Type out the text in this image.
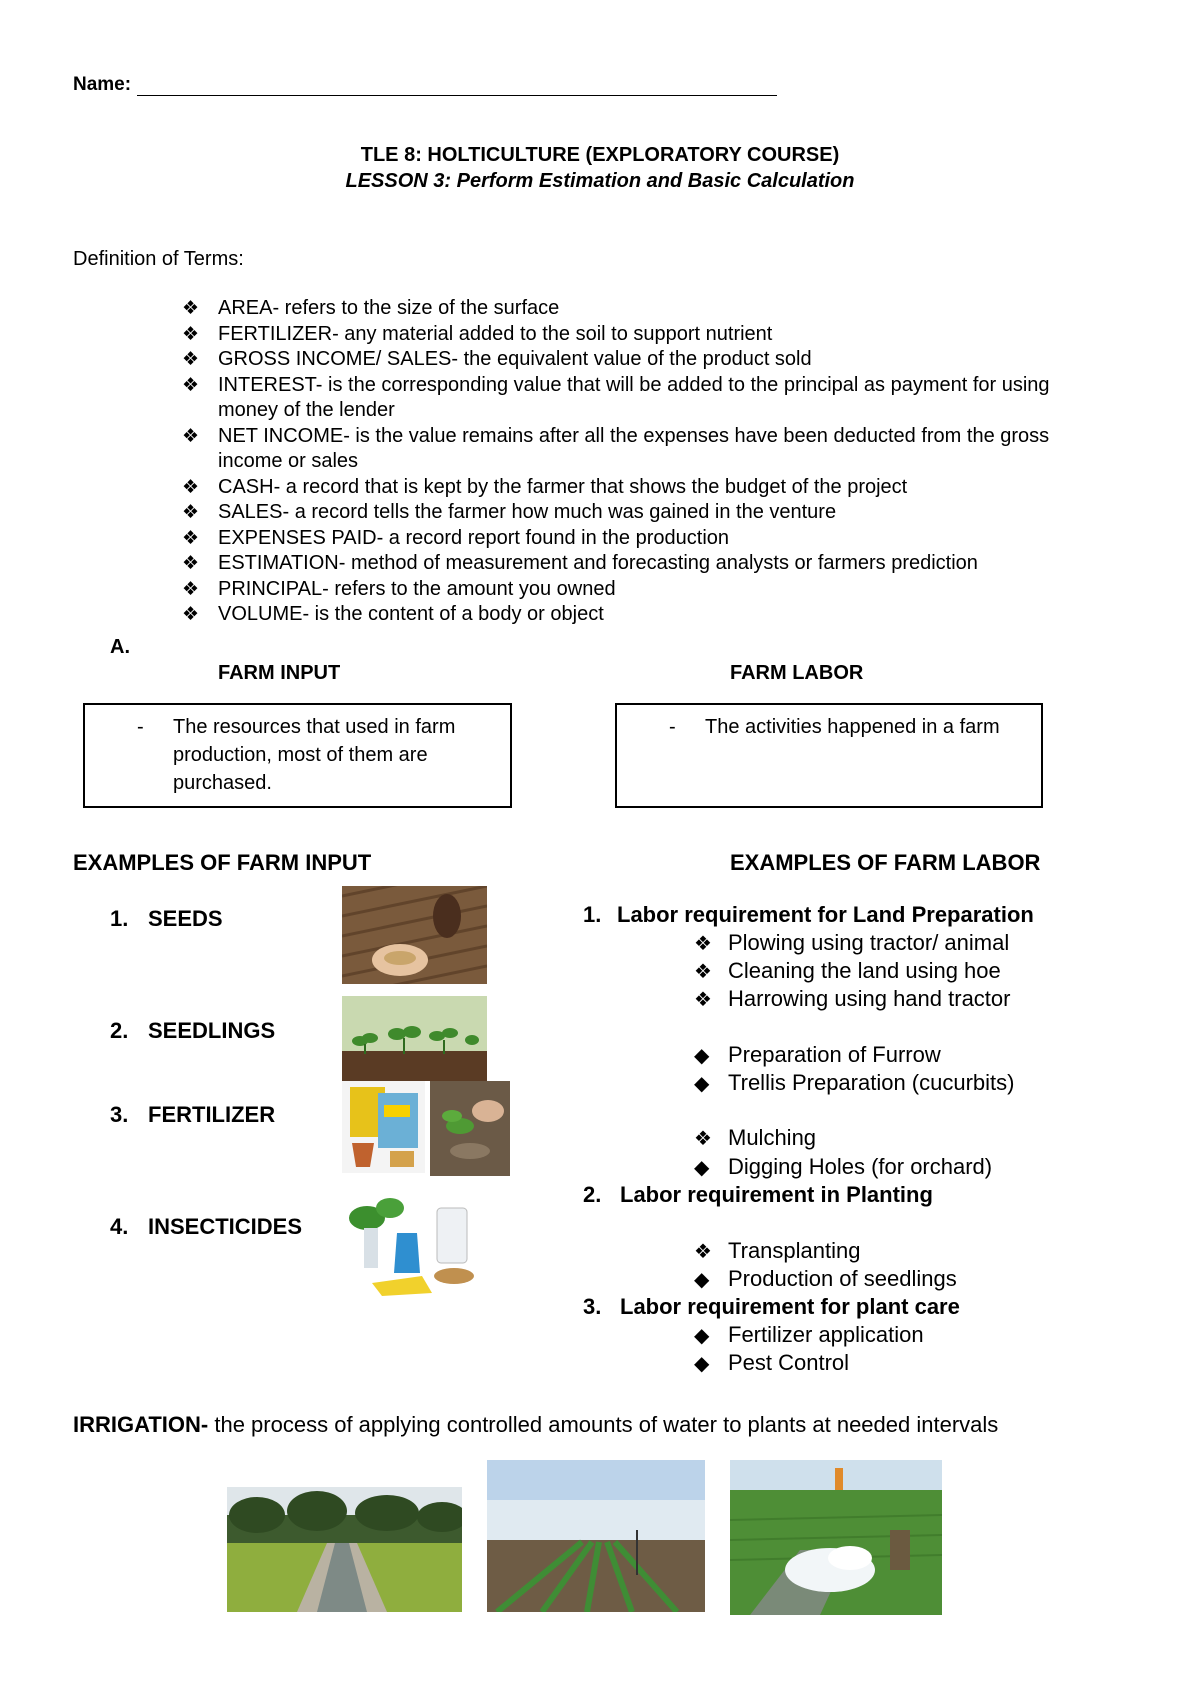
Name:
TLE 8: HOLTICULTURE (EXPLORATORY COURSE)
LESSON 3: Perform Estimation and Basic Calculation
Definition of Terms:
❖ AREA- refers to the size of the surface
❖ FERTILIZER- any material added to the soil to support nutrient
❖ GROSS INCOME/ SALES- the equivalent value of the product sold
❖ INTEREST- is the corresponding value that will be added to the principal as payment for using money of the lender
❖ NET INCOME- is the value remains after all the expenses have been deducted from the gross income or sales
❖ CASH- a record that is kept by the farmer that shows the budget of the project
❖ SALES- a record tells the farmer how much was gained in the venture
❖ EXPENSES PAID- a record report found in the production
❖ ESTIMATION- method of measurement and forecasting analysts or farmers prediction
❖ PRINCIPAL- refers to the amount you owned
❖ VOLUME- is the content of a body or object
A.
FARM INPUT	FARM LABOR
- The resources that used in farm production, most of them are purchased.
- The activities happened in a farm
EXAMPLES OF FARM INPUT	EXAMPLES OF FARM LABOR
1. SEEDS
2. SEEDLINGS
3. FERTILIZER
4. INSECTICIDES
1. Labor requirement for Land Preparation
❖ Plowing using tractor/ animal
❖ Cleaning the land using hoe
❖ Harrowing using hand tractor
◆ Preparation of Furrow
◆ Trellis Preparation (cucurbits)
❖ Mulching
◆ Digging Holes (for orchard)
2. Labor requirement in Planting
❖ Transplanting
◆ Production of seedlings
3. Labor requirement for plant care
◆ Fertilizer application
◆ Pest Control
IRRIGATION- the process of applying controlled amounts of water to plants at needed intervals
